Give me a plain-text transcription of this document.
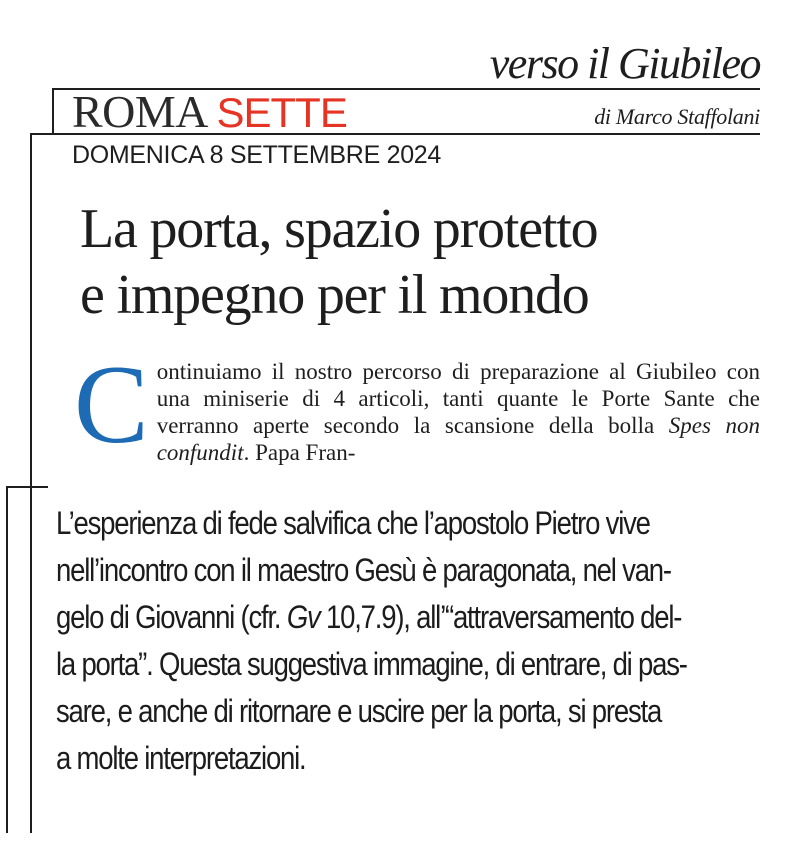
verso il Giubileo
ROMA SETTE	di Marco Staffolani
DOMENICA 8 SETTEMBRE 2024
La porta, spazio protetto
e impegno per il mondo
Continuiamo il nostro percorso di preparazione al Giubileo con una miniserie di 4 articoli, tanti quante le Porte Sante che verranno aperte secondo la scansione della bolla Spes non confundit. Papa Fran-
L’esperienza di fede salvifica che l’apostolo Pietro vive
nell’incontro con il maestro Gesù è paragonata, nel van-
gelo di Giovanni (cfr. Gv 10,7.9), all’“attraversamento del-
la porta”. Questa suggestiva immagine, di entrare, di pas-
sare, e anche di ritornare e uscire per la porta, si presta
a molte interpretazioni.
